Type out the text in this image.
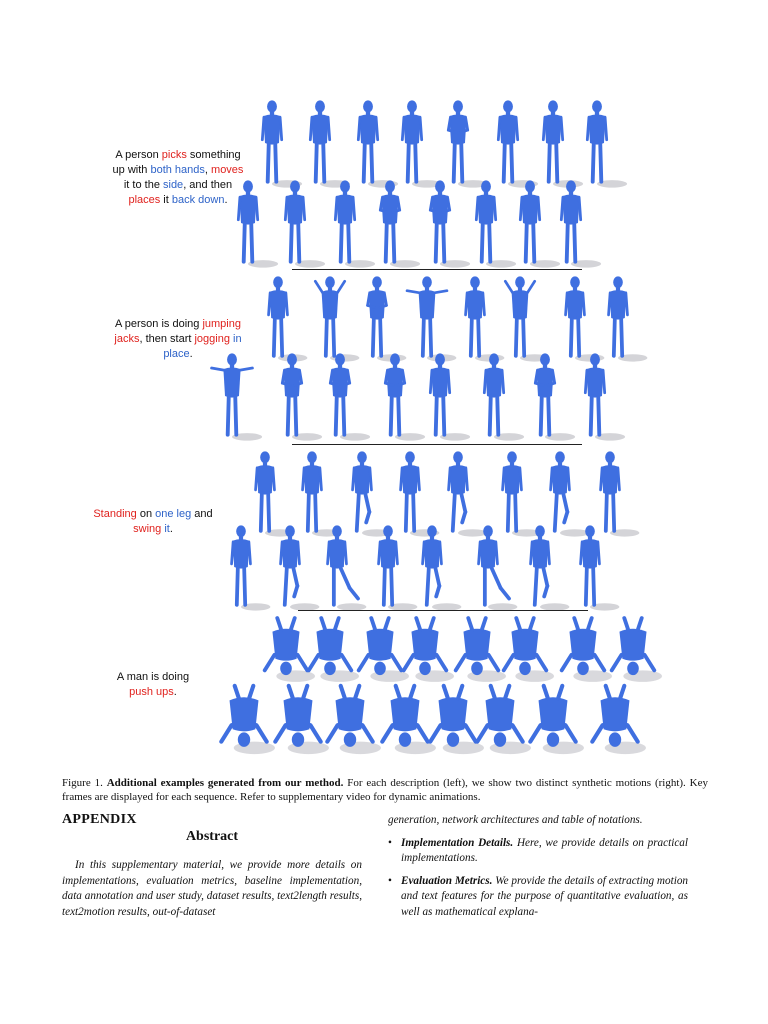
A person picks something
up with both hands, moves
it to the side, and then
places it back down.
A person is doing jumping
jacks, then start jogging in
place.
Standing on one leg and
swing it.
A man is doing
push ups.
Figure 1. Additional examples generated from our method. For each description (left), we show two distinct synthetic motions (right). Key frames are displayed for each sequence. Refer to supplementary video for dynamic animations.
APPENDIX
Abstract
In this supplementary material, we provide more details on implementations, evaluation metrics, baseline implementation, data annotation and user study, dataset results, text2length results, text2motion results, out-of-dataset

generation, network architectures and table of notations.

• Implementation Details. Here, we provide details on practical implementations.
• Evaluation Metrics. We provide the details of extracting motion and text features for the purpose of quantitative evaluation, as well as mathematical explana-
